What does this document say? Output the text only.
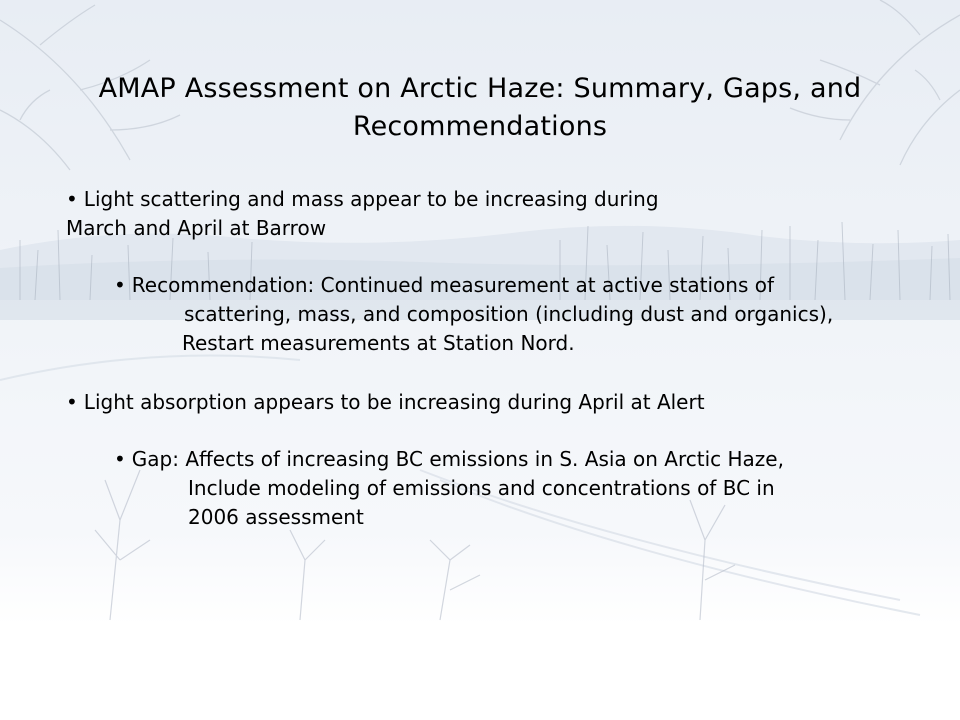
AMAP Assessment on Arctic Haze: Summary, Gaps, and
Recommendations
• Light scattering and mass appear to be increasing during
March and April at Barrow
• Recommendation: Continued measurement at active stations of
scattering, mass, and composition (including dust and organics),
Restart measurements at Station Nord.
• Light absorption appears to be increasing during April at Alert
• Gap: Affects of increasing BC emissions in S. Asia on Arctic Haze,
Include modeling of emissions and concentrations of BC in
2006 assessment
